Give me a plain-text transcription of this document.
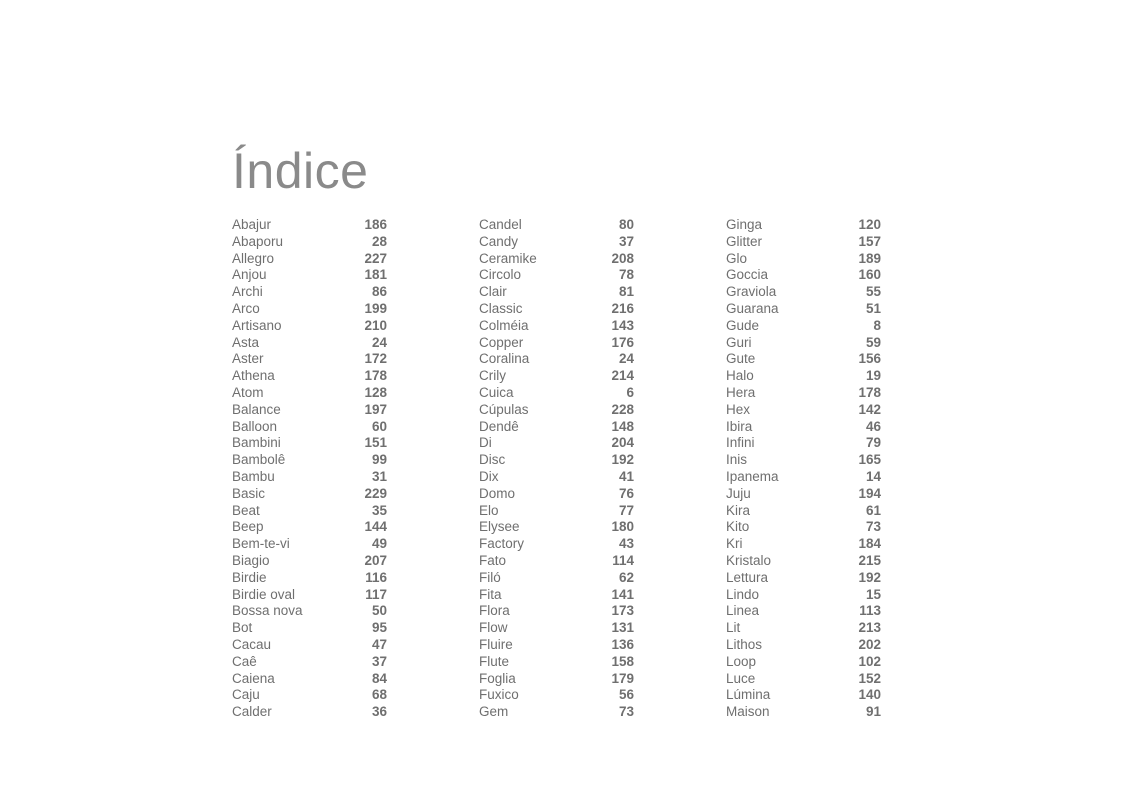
Índice
Abajur	186
Abaporu	28
Allegro	227
Anjou	181
Archi	86
Arco	199
Artisano	210
Asta	24
Aster	172
Athena	178
Atom	128
Balance	197
Balloon	60
Bambini	151
Bambolê	99
Bambu	31
Basic	229
Beat	35
Beep	144
Bem-te-vi	49
Biagio	207
Birdie	116
Birdie oval	117
Bossa nova	50
Bot	95
Cacau	47
Caê	37
Caiena	84
Caju	68
Calder	36
Candel	80
Candy	37
Ceramike	208
Circolo	78
Clair	81
Classic	216
Colméia	143
Copper	176
Coralina	24
Crily	214
Cuica	6
Cúpulas	228
Dendê	148
Di	204
Disc	192
Dix	41
Domo	76
Elo	77
Elysee	180
Factory	43
Fato	114
Filó	62
Fita	141
Flora	173
Flow	131
Fluire	136
Flute	158
Foglia	179
Fuxico	56
Gem	73
Ginga	120
Glitter	157
Glo	189
Goccia	160
Graviola	55
Guarana	51
Gude	8
Guri	59
Gute	156
Halo	19
Hera	178
Hex	142
Ibira	46
Infini	79
Inis	165
Ipanema	14
Juju	194
Kira	61
Kito	73
Kri	184
Kristalo	215
Lettura	192
Lindo	15
Linea	113
Lit	213
Lithos	202
Loop	102
Luce	152
Lúmina	140
Maison	91
